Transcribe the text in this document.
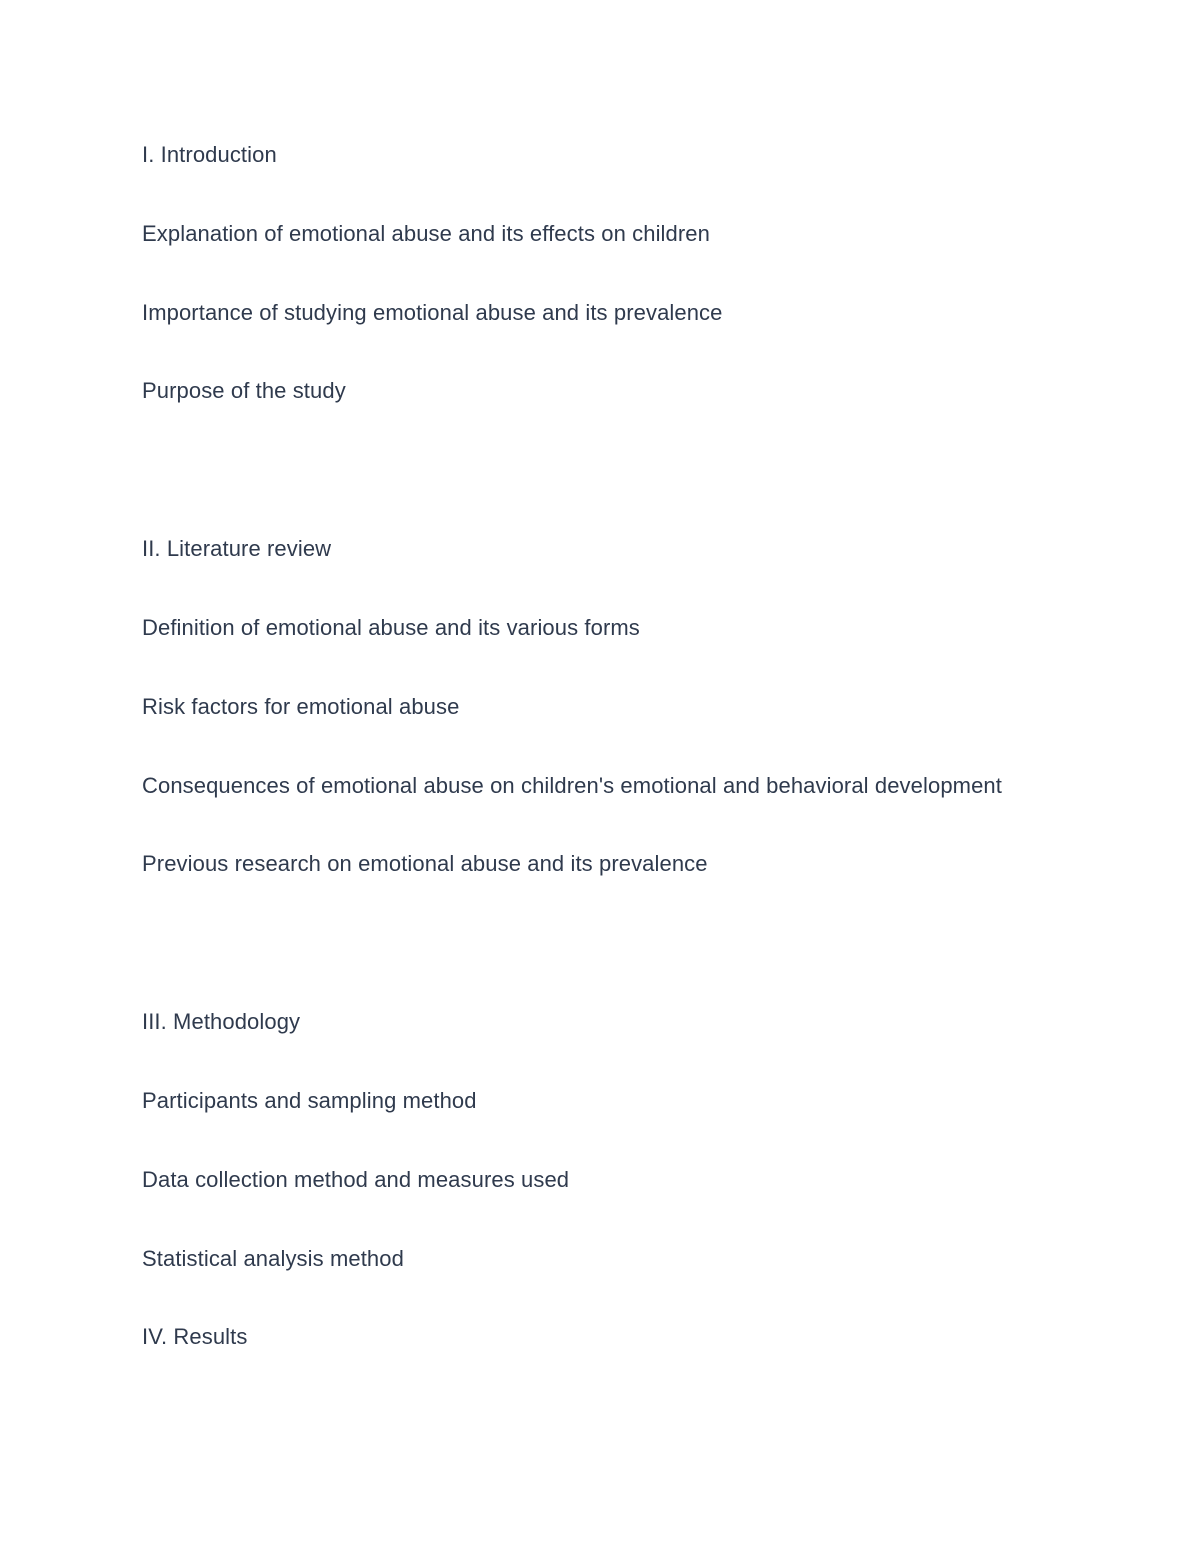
I. Introduction
Explanation of emotional abuse and its effects on children
Importance of studying emotional abuse and its prevalence
Purpose of the study
II. Literature review
Definition of emotional abuse and its various forms
Risk factors for emotional abuse
Consequences of emotional abuse on children's emotional and behavioral development
Previous research on emotional abuse and its prevalence
III. Methodology
Participants and sampling method
Data collection method and measures used
Statistical analysis method
IV. Results
